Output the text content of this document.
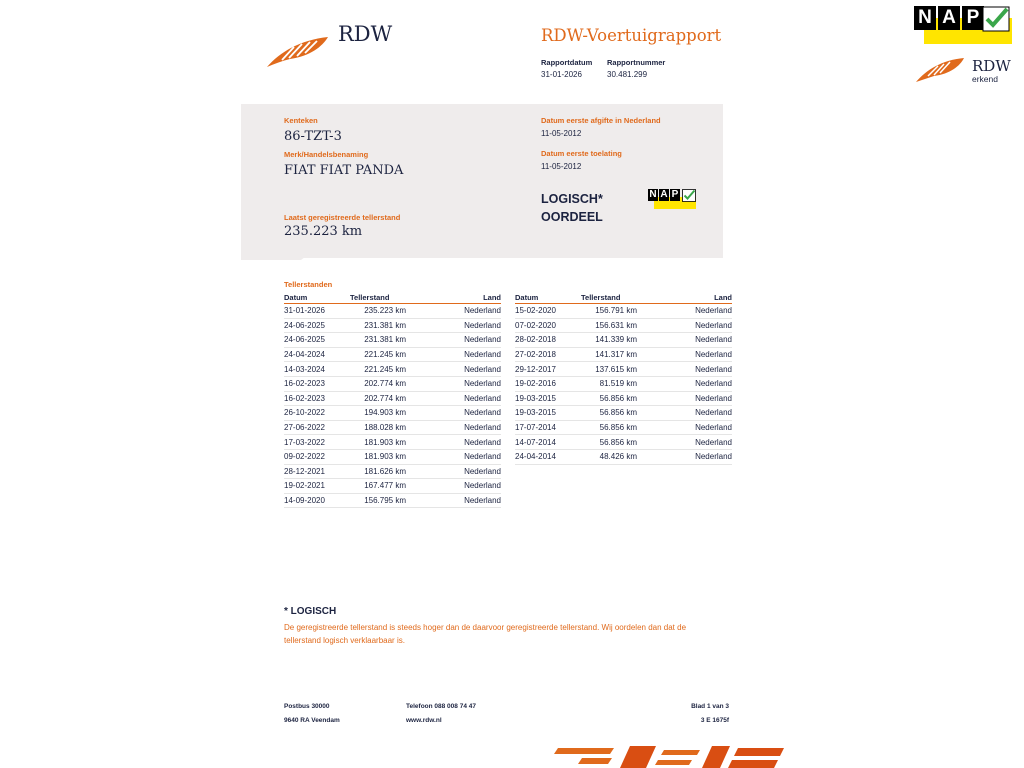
N A P
RDW
erkend
RDW	RDW-Voertuigrapport
Rapportdatum
31-01-2026
Rapportnummer
30.481.299
Kenteken
86-TZT-3
Merk/Handelsbenaming
FIAT FIAT PANDA
Laatst geregistreerde tellerstand
235.223 km
Datum eerste afgifte in Nederland
11-05-2012
Datum eerste toelating
11-05-2012
LOGISCH*
OORDEEL
N A P
Tellerstanden
Datum	Tellerstand	Land
31-01-2026	235.223 km	Nederland
24-06-2025	231.381 km	Nederland
24-06-2025	231.381 km	Nederland
24-04-2024	221.245 km	Nederland
14-03-2024	221.245 km	Nederland
16-02-2023	202.774 km	Nederland
16-02-2023	202.774 km	Nederland
26-10-2022	194.903 km	Nederland
27-06-2022	188.028 km	Nederland
17-03-2022	181.903 km	Nederland
09-02-2022	181.903 km	Nederland
28-12-2021	181.626 km	Nederland
19-02-2021	167.477 km	Nederland
14-09-2020	156.795 km	Nederland
Datum	Tellerstand	Land
15-02-2020	156.791 km	Nederland
07-02-2020	156.631 km	Nederland
28-02-2018	141.339 km	Nederland
27-02-2018	141.317 km	Nederland
29-12-2017	137.615 km	Nederland
19-02-2016	81.519 km	Nederland
19-03-2015	56.856 km	Nederland
19-03-2015	56.856 km	Nederland
17-07-2014	56.856 km	Nederland
14-07-2014	56.856 km	Nederland
24-04-2014	48.426 km	Nederland
* LOGISCH
De geregistreerde tellerstand is steeds hoger dan de daarvoor geregistreerde tellerstand. Wij oordelen dan dat de tellerstand logisch verklaarbaar is.
Postbus 30000
9640 RA Veendam
Telefoon 088 008 74 47
www.rdw.nl
Blad 1 van 3
3 E 1675f
